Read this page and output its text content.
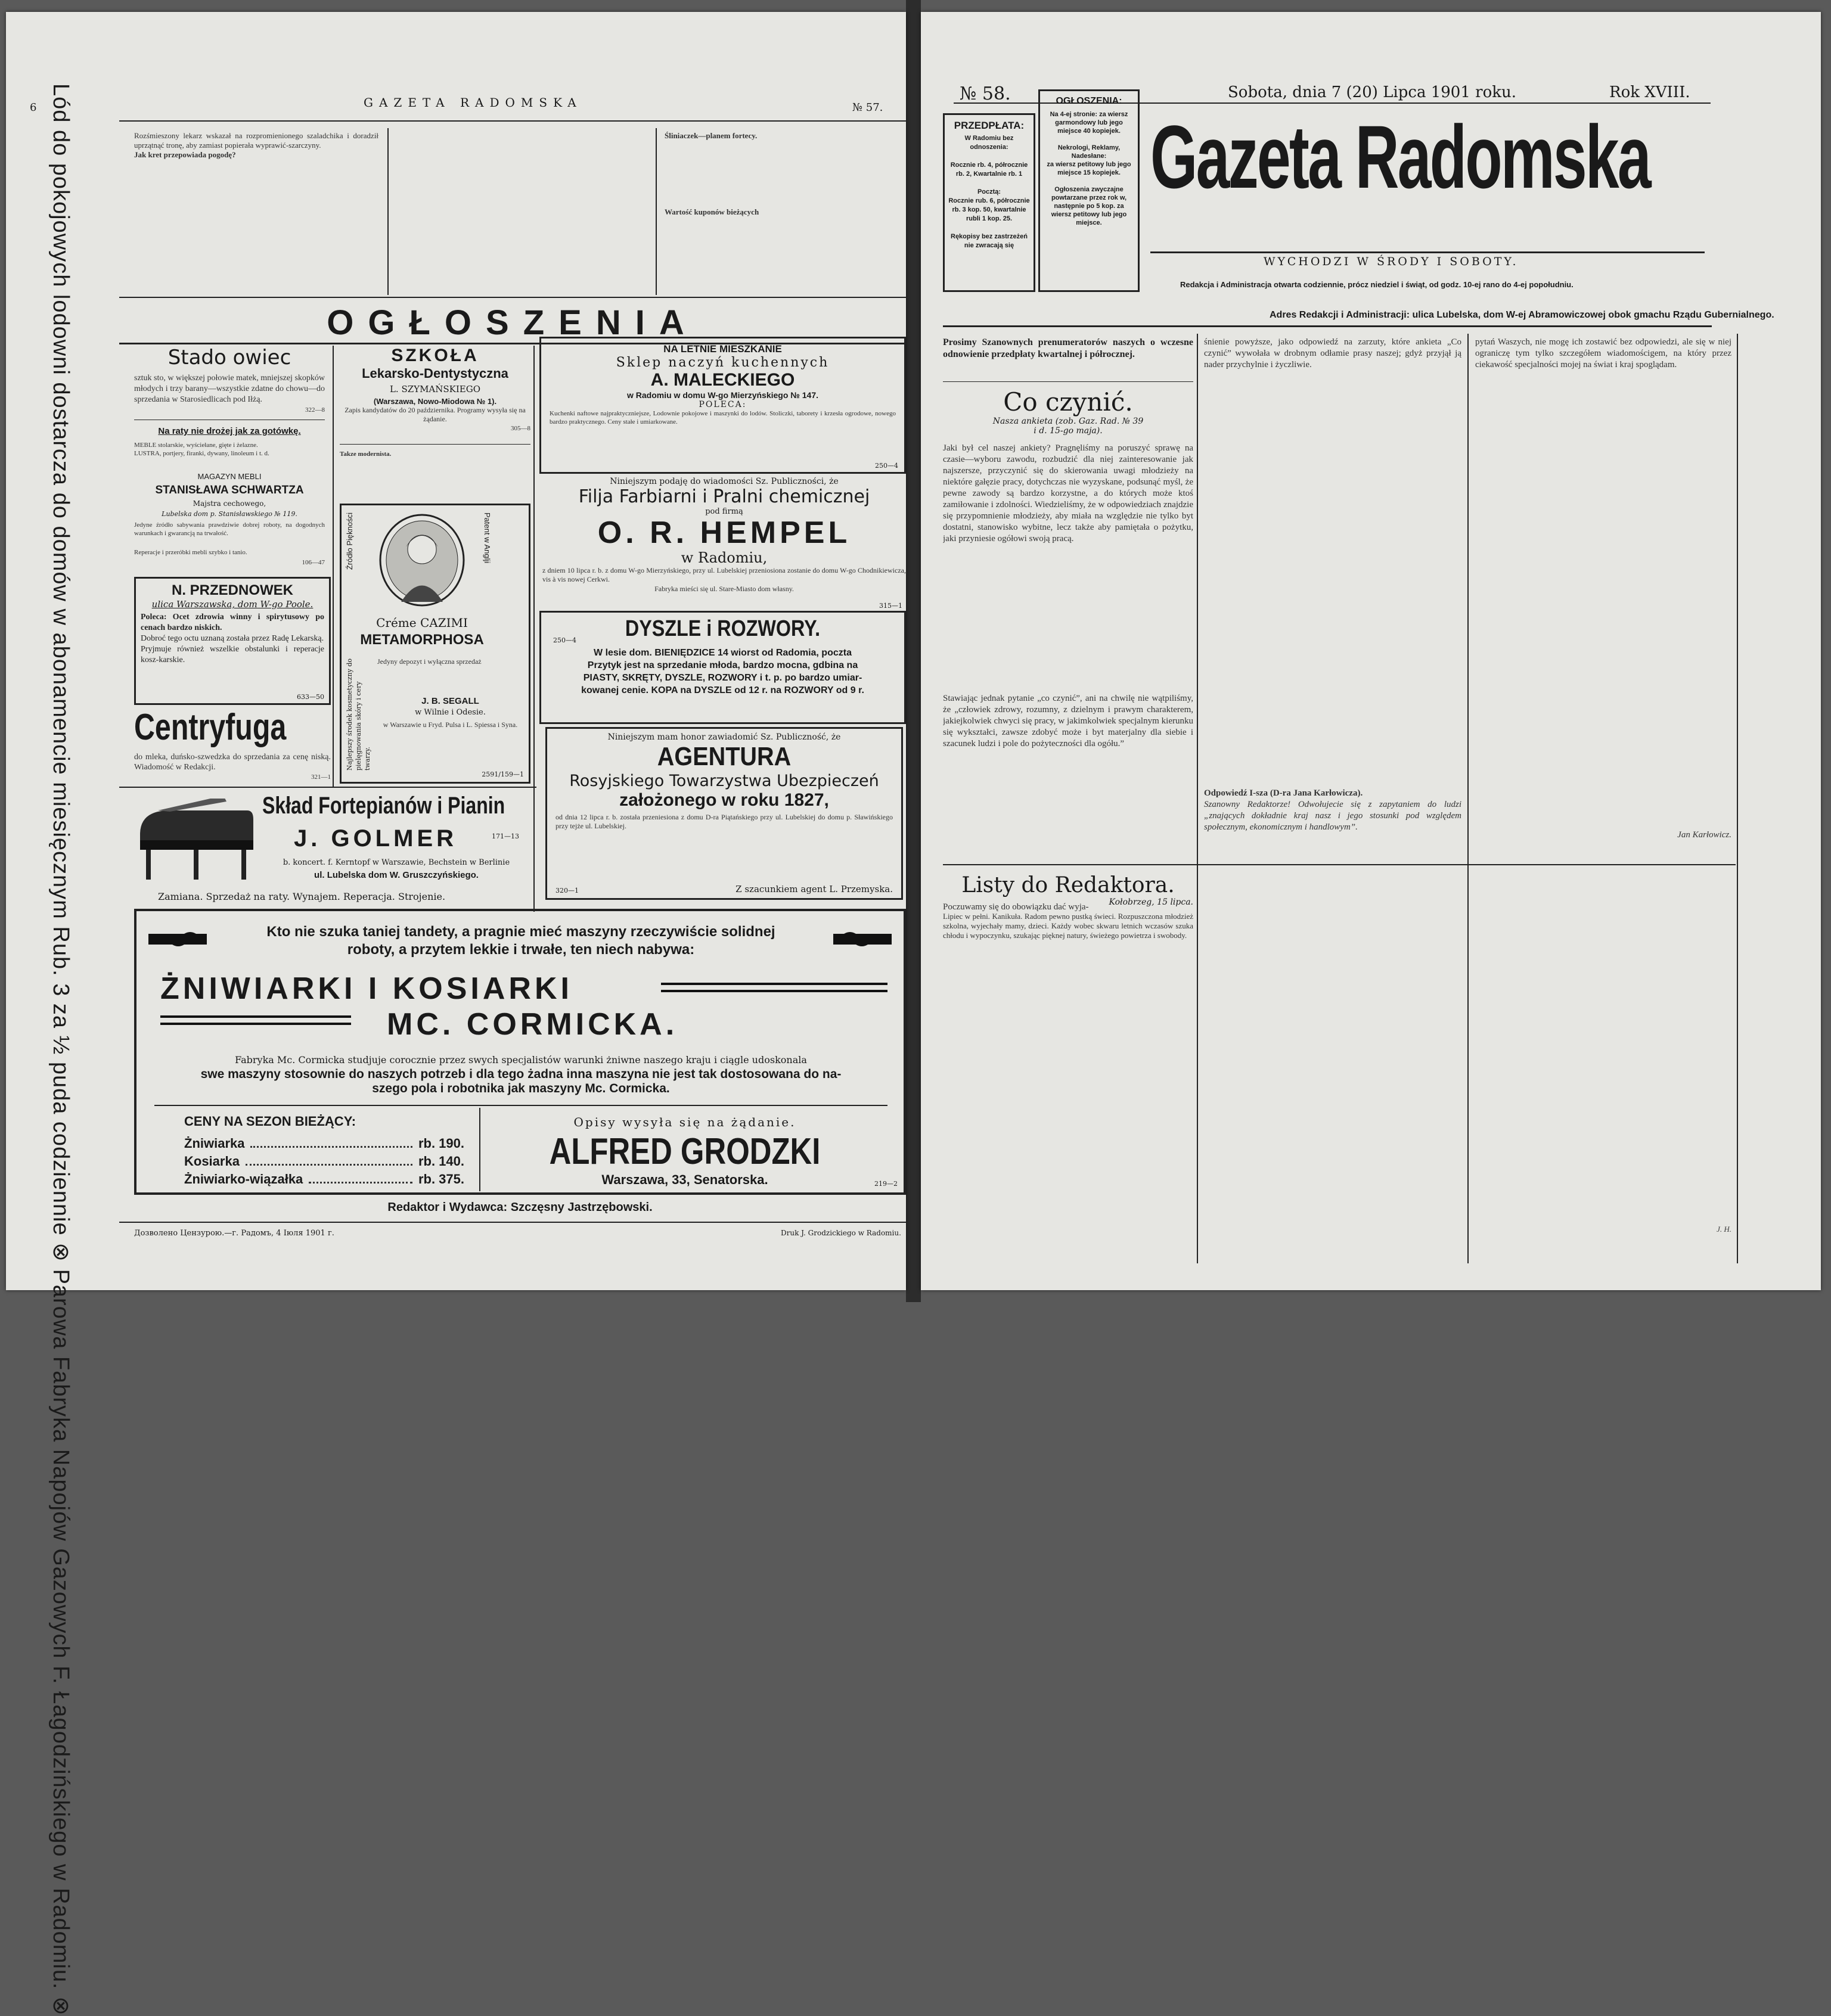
6	GAZETA RADOMSKA	№ 57.
Lód do pokojowych lodowni dostarcza do domów w abonamencie miesięcznym Rub. 3 za ½ puda codziennie ⊗ Parowa Fabryka Napojów Gazowych F. Łagodzińskiego w Radomiu. ⊗	Rozśmieszony lekarz wskazał na rozpromienionego szaladchika i doradził uprzątnąć tronę, aby zamiast popierała wyprawić-szarczyny.
Jak kret przepowiada pogodę?
Śliniaczek—planem fortecy.

Wartość kuponów bieżących
OGŁOSZENIA
Stado owiec
sztuk sto, w większej połowie matek, mniejszej skopków młodych i trzy barany—wszystkie zdatne do chowu—do sprzedania w Starosiedlicach pod Iłżą.
322—8
Na raty nie drożej jak za gotówkę.
MEBLE stolarskie, wyściełane, gięte i żelazne.
LUSTRA, portjery, firanki, dywany, linoleum i t. d.
MAGAZYN MEBLI
STANISŁAWA SCHWARTZA
Majstra cechowego,
Lubelska dom p. Stanisławskiego № 119.
Jedyne źródło sabywania prawdziwie dobrej roboty, na dogodnych warunkach i gwarancją na trwałość.
Reperacje i przeróbki mebli szybko i tanio.
106—47
N. PRZEDNOWEK
ulica Warszawska, dom W-go Poole.
Poleca: Ocet zdrowia winny i spirytusowy po cenach bardzo niskich.
Dobroć tego octu uznaną została przez Radę Lekarską.
Pryjmuje również wszelkie obstalunki i reperacje kosz-karskie.
633—50
Centryfuga
do mleka, duńsko-szwedzka do sprzedania za cenę niską. Wiadomość w Redakcji.
321—1
SZKOŁA
Lekarsko-Dentystyczna
L. SZYMAŃSKIEGO
(Warszawa, Nowo-Miodowa № 1).
Zapis kandydatów do 20 października. Programy wysyła się na żądanie.
305—8
Takze modernista.
Patent w Anglji
Źródło Piękności
Créme CAZIMI
METAMORPHOSA
Najlepszy środek kosmetyczny do pielęgnowania skóry i cery twarzy.
Jedyny depozyt i wyłączna sprzedaż
J. B. SEGALL
w Wilnie i Odesie.
w Warszawie u Fryd. Pulsa i L. Spiessa i Syna.
2591/159—1
NA LETNIE MIESZKANIE
Sklep naczyń kuchennych
A. MALECKIEGO
w Radomiu w domu W-go Mierzyńskiego № 147.
POLECA:
Kuchenki naftowe najpraktyczniejsze, Lodownie pokojowe i maszynki do lodów. Stoliczki, taborety i krzesła ogrodowe, nowego bardzo praktycznego. Ceny stałe i umiarkowane.
250—4
Niniejszym podaję do wiadomości Sz. Publiczności, że
Filja Farbiarni i Pralni chemicznej
pod firmą
O. R. HEMPEL
w Radomiu,
z dniem 10 lipca r. b. z domu W-go Mierzyńskiego, przy ul. Lubelskiej przeniosiona zostanie do domu W-go Chodnikiewicza, vis à vis nowej Cerkwi.
Fabryka mieści się ul. Stare-Miasto dom własny.
315—1
250—4	DYSZLE i ROZWORY.
W lesie dom. BIENIĘDZICE 14 wiorst od Radomia, poczta
Przytyk jest na sprzedanie młoda, bardzo mocna, gdbina na
PIASTY, SKRĘTY, DYSZLE, ROZWORY i t. p. po bardzo umiar-
kowanej cenie. KOPA na DYSZLE od 12 r. na ROZWORY od 9 r.
Niniejszym mam honor zawiadomić Sz. Publiczność, że
AGENTURA
Rosyjskiego Towarzystwa Ubezpieczeń
założonego w roku 1827,
od dnia 12 lipca r. b. została przeniesiona z domu D-ra Piątańskiego przy ul. Lubelskiej do domu p. Sławińskiego przy tejże ul. Lubelskiej.
320—1	Z szacunkiem agent L. Przemyska.
Skład Fortepianów i Pianin
J. GOLMER	171—13
b. koncert. f. Kerntopf w Warszawie, Bechstein w Berlinie
ul. Lubelska dom W. Gruszczyńskiego.
Zamiana. Sprzedaż na raty. Wynajem. Reperacja. Strojenie.
Kto nie szuka taniej tandety, a pragnie mieć maszyny rzeczywiście solidnej
roboty, a przytem lekkie i trwałe, ten niech nabywa:
ŻNIWIARKI I KOSIARKI
MC. CORMICKA.
Fabryka Mc. Cormicka studjuje corocznie przez swych specjalistów warunki żniwne naszego kraju i ciągle udoskonala
swe maszyny stosownie do naszych potrzeb i dla tego żadna inna maszyna nie jest tak dostosowana do na-
szego pola i robotnika jak maszyny Mc. Cormicka.
CENY NA SEZON BIEŻĄCY:
Żniwiarka	rb. 190.
Kosiarka	rb. 140.
Żniwiarko-wiązałka	rb. 375.
Opisy wysyła się na żądanie.
ALFRED GRODZKI
Warszawa, 33, Senatorska.	219—2
Redaktor i Wydawca: Szczęsny Jastrzębowski.
Дозволено Цензурою.—г. Радомъ, 4 Іюля 1901 г.	Druk J. Grodzickiego w Radomiu.
№ 58.	Sobota, dnia 7 (20) Lipca 1901 roku.	Rok XVIII.
PRZEDPŁATA:
W Radomiu bez odnoszenia:

Rocznie rb. 4, półrocznie rb. 2, Kwartalnie rb. 1

Pocztą:
Rocznie rub. 6, półrocznie rb. 3 kop. 50, kwartalnie rubli 1 kop. 25.

Rękopisy bez zastrzeżeń nie zwracają się
OGŁOSZENIA:
Na 4-ej stronie: za wiersz garmondowy lub jego miejsce 40 kopiejek.

Nekrologi, Reklamy, Nadesłane:
za wiersz petitowy lub jego miejsce 15 kopiejek.

Ogłoszenia zwyczajne powtarzane przez rok w, następnie po 5 kop. za wiersz petitowy lub jego miejsce.
Gazeta Radomska
WYCHODZI W ŚRODY I SOBOTY.
Redakcja i Administracja otwarta codziennie, prócz niedziel i świąt, od godz. 10-ej rano do 4-ej popołudniu.
Adres Redakcji i Administracji: ulica Lubelska, dom W-ej Abramowiczowej obok gmachu Rządu Gubernialnego.
Prosimy Szanownych prenumeratorów naszych o wczesne odnowienie przedpłaty kwartalnej i półrocznej.
Co czynić.
Nasza ankieta (zob. Gaz. Rad. № 39
i d. 15-go maja).
Jaki był cel naszej ankiety? Pragnęliśmy na poruszyć sprawę na czasie—wyboru zawodu, rozbudzić dla niej zainteresowanie jak najszersze, przyczynić się do skierowania uwagi młodzieży na niektóre gałęzie pracy, dotychczas nie wyzyskane, podsunąć myśl, że pewne zawody są bardzo korzystne, a do których może ktoś zamiłowanie i zdolności. Wiedzieliśmy, że w odpowiedziach znajdzie się przypomnienie młodzieży, aby miała na względzie nie tylko byt dostatni, stanowisko wybitne, lecz także aby pamiętała o pożytku, jaki przyniesie ogółowi swoją pracą.
Stawiając jednak pytanie „co czynić”, ani na chwilę nie wątpiliśmy, że „człowiek zdrowy, rozumny, z dzielnym i prawym charakterem, jakiejkolwiek chwyci się pracy, w jakimkolwiek specjalnym kierunku się wykształci, zawsze zdobyć może i byt materjalny dla siebie i szacunek ludzi i pole do pożyteczności dla ogółu.”
Poczuwamy się do obowiązku dać wyja-
śnienie powyższe, jako odpowiedź na zarzuty, które ankieta „Co czynić” wywołała w drobnym odłamie prasy naszej; gdyż przyjął ją nader przychylnie i życzliwie.
Odpowiedź I-sza (D-ra Jana Karłowicza).
Szanowny Redaktorze! Odwołujecie się z zapytaniem do ludzi „znających dokładnie kraj nasz i jego stosunki pod względem społecznym, ekonomicznym i handlowym”.
pytań Waszych, nie mogę ich zostawić bez odpowiedzi, ale się w niej ograniczę tym tylko szczegółem wiadomościgem, na który przez ciekawość specjalności mojej na świat i kraj spoglądam.
Jan Karłowicz.
Listy do Redaktora.
Kołobrzeg, 15 lipca.
Lipiec w pełni. Kanikuła. Radom pewno pustką świeci. Rozpuszczona młodzież szkolna, wyjechały mamy, dzieci. Każdy wobec skwaru letnich wczasów szuka chłodu i wypoczynku, szukając pięknej natury, świeżego powietrza i swobody.
J. H.
